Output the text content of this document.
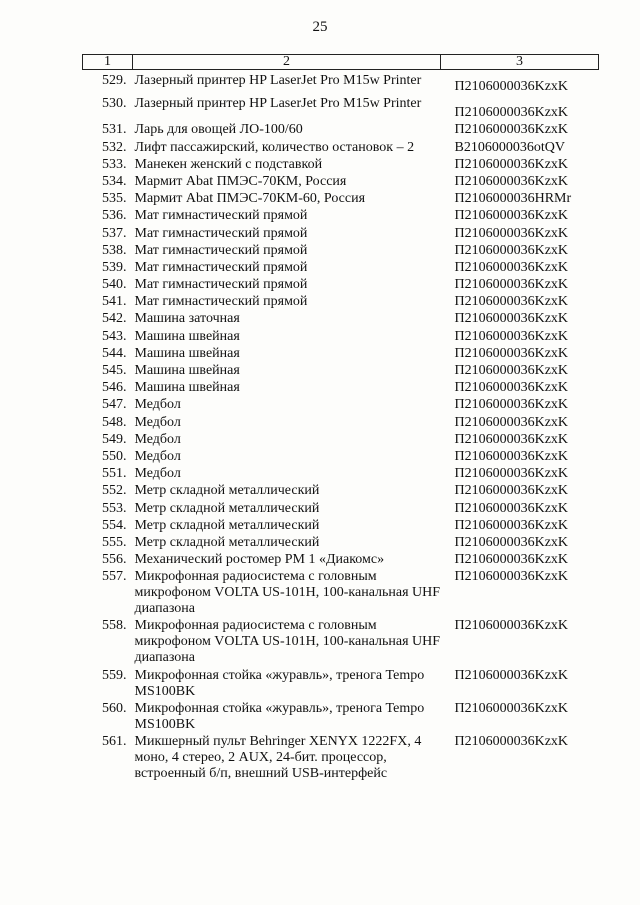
25
1	2	3
529.	Лазерный принтер HP LaserJet Pro M15w Printer	П2106000036KzxK
530.	Лазерный принтер HP LaserJet Pro M15w Printer	П2106000036KzxK
531.	Ларь для овощей ЛО-100/60	П2106000036KzxK
532.	Лифт пассажирский, количество остановок – 2	В2106000036otQV
533.	Манекен женский с подставкой	П2106000036KzxK
534.	Мармит Abat ПМЭС-70КМ, Россия	П2106000036KzxK
535.	Мармит Abat ПМЭС-70КМ-60, Россия	П2106000036HRMr
536.	Мат гимнастический прямой	П2106000036KzxK
537.	Мат гимнастический прямой	П2106000036KzxK
538.	Мат гимнастический прямой	П2106000036KzxK
539.	Мат гимнастический прямой	П2106000036KzxK
540.	Мат гимнастический прямой	П2106000036KzxK
541.	Мат гимнастический прямой	П2106000036KzxK
542.	Машина заточная	П2106000036KzxK
543.	Машина швейная	П2106000036KzxK
544.	Машина швейная	П2106000036KzxK
545.	Машина швейная	П2106000036KzxK
546.	Машина швейная	П2106000036KzxK
547.	Медбол	П2106000036KzxK
548.	Медбол	П2106000036KzxK
549.	Медбол	П2106000036KzxK
550.	Медбол	П2106000036KzxK
551.	Медбол	П2106000036KzxK
552.	Метр складной металлический	П2106000036KzxK
553.	Метр складной металлический	П2106000036KzxK
554.	Метр складной металлический	П2106000036KzxK
555.	Метр складной металлический	П2106000036KzxK
556.	Механический ростомер РМ 1 «Диакомс»	П2106000036KzxK
557.	Микрофонная радиосистема с головным микрофоном VOLTA US-101H, 100-канальная UHF диапазона	П2106000036KzxK
558.	Микрофонная радиосистема с головным микрофоном VOLTA US-101H, 100-канальная UHF диапазона	П2106000036KzxK
559.	Микрофонная стойка «журавль», тренога Tempo MS100BK	П2106000036KzxK
560.	Микрофонная стойка «журавль», тренога Tempo MS100BK	П2106000036KzxK
561.	Микшерный пульт Behringer XENYX 1222FX, 4 моно, 4 стерео, 2 AUX, 24-бит. процессор, встроенный б/п, внешний USB-интерфейс	П2106000036KzxK
